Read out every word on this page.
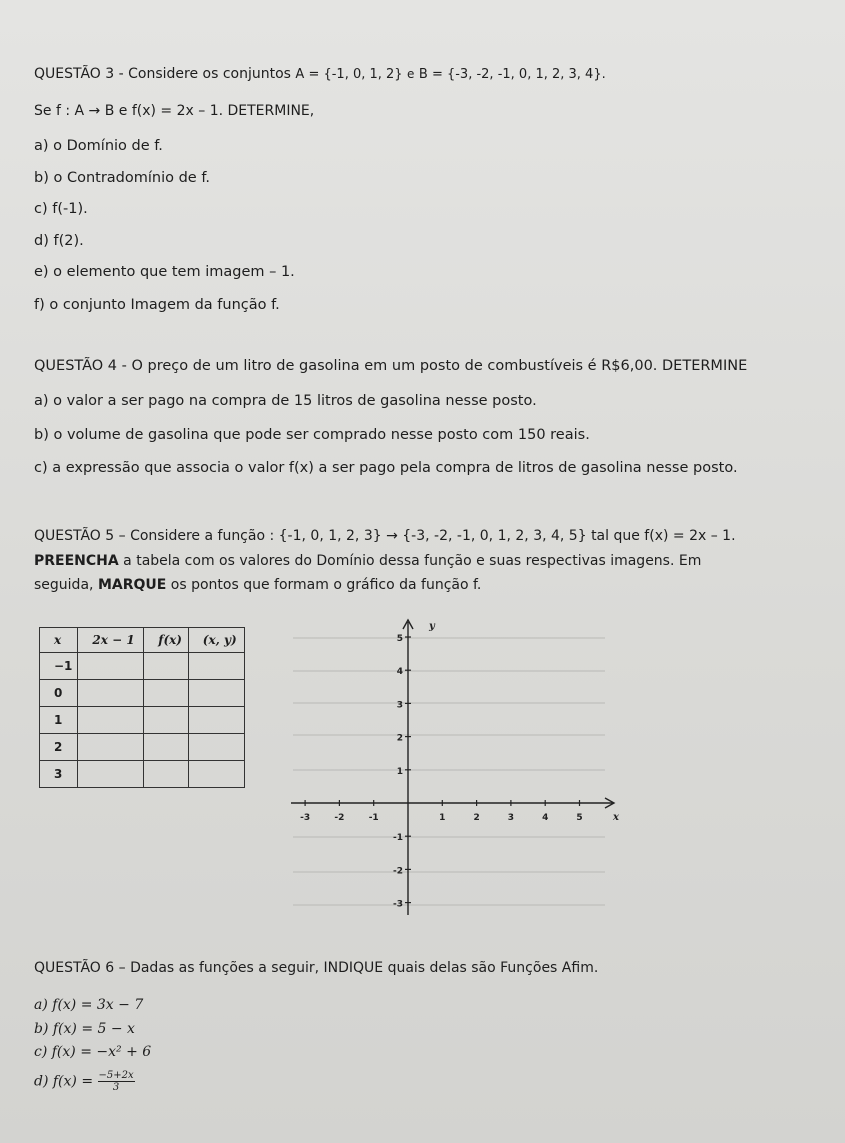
QUESTÃO 3 - Considere os conjuntos A = {-1, 0, 1, 2} e B = {-3, -2, -1, 0, 1, 2, 3, 4}.
Se f : A → B e f(x) = 2x – 1. DETERMINE,
a) o Domínio de f.
b) o Contradomínio de f.
c) f(-1).
d) f(2).
e) o elemento que tem imagem – 1.
f) o conjunto Imagem da função f.
QUESTÃO 4 - O preço de um litro de gasolina em um posto de combustíveis é R$6,00. DETERMINE
a) o valor a ser pago na compra de 15 litros de gasolina nesse posto.
b) o volume de gasolina que pode ser comprado nesse posto com 150 reais.
c) a expressão que associa o valor f(x) a ser pago pela compra de litros de gasolina nesse posto.
QUESTÃO 5 – Considere a função : {-1, 0, 1, 2, 3} → {-3, -2, -1, 0, 1, 2, 3, 4, 5} tal que f(x) = 2x – 1.
PREENCHA a tabela com os valores do Domínio dessa função e suas respectivas imagens. Em
seguida, MARQUE os pontos que formam o gráfico da função f.
x	2x − 1	f(x)	(x, y)
−1			
0			
1			
2			
3			
x
y
-3	-2	-1	1	2	3	4	5
5
4
3
2
1
-1
-2
-3
QUESTÃO 6 – Dadas as funções a seguir, INDIQUE quais delas são Funções Afim.
a) f(x) = 3x − 7
b) f(x) = 5 − x
c) f(x) = −x² + 6
d) $f(x) = \frac{-5+2x}{3}$
